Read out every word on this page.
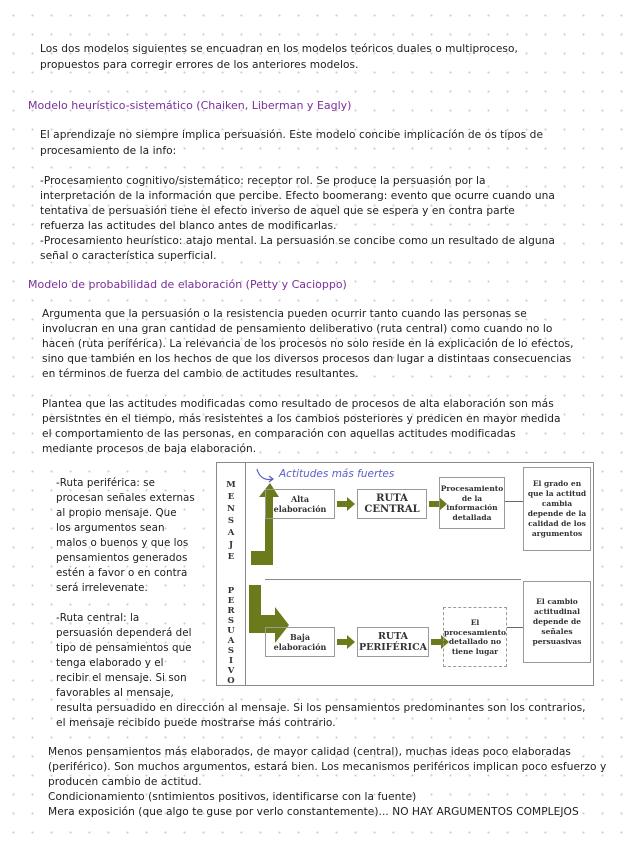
Los dos modelos siguientes se encuadran en los modelos teóricos duales o multiproceso,
propuestos para corregir errores de los anteriores modelos.
Modelo heurístico-sistemático (Chaiken, Liberman y Eagly)
El aprendizaje no siempre implica persuasión. Este modelo concibe implicación de os tipos de
procesamiento de la info:
-Procesamiento cognitivo/sistemático: receptor rol. Se produce la persuasión por la
interpretación de la información que percibe. Efecto boomerang: evento que ocurre cuando una
tentativa de persuasión tiene el efecto inverso de aquel que se espera y en contra parte
refuerza las actitudes del blanco antes de modificarlas.
-Procesamiento heurístico: atajo mental. La persuasión se concibe como un resultado de alguna
señal o característica superficial.
Modelo de probabilidad de elaboración (Petty y Cacioppo)
Argumenta que la persuasión o la resistencia pueden ocurrir tanto cuando las personas se
involucran en una gran cantidad de pensamiento deliberativo (ruta central) como cuando no lo
hacen (ruta periférica). La relevancia de los procesos no solo reside en la explicación de lo efectos,
sino que también en los hechos de que los diversos procesos dan lugar a distintaas consecuencias
en términos de fuerza del cambio de actitudes resultantes.
Plantea que las actitudes modificadas como resultado de procesos de alta elaboración son más
persistntes en el tiempo, más resistentes a los cambios posteriores y predicen en mayor medida
el comportamiento de las personas, en comparación con aquellas actitudes modificadas
mediante procesos de baja elaboración.
-Ruta periférica: se
procesan señales externas
al propio mensaje. Que
los argumentos sean
malos o buenos y que los
pensamientos generados
estén a favor o en contra
será irrelevenate.
-Ruta central: la
persuasión dependerá del
tipo de pensamientos que
tenga elaborado y el
recibir el mensaje. Si son
favorables al mensaje,
M
E
N
S
A
J
E
P
E
R
S
U
A
S
I
V
O
Actitudes más fuertes
Alta elaboración
RUTA CENTRAL
Procesamiento de la información detallada
El grado en que la actitud cambia depende de la calidad de los argumentos
Baja elaboración
RUTA PERIFÉRICA
El procesamiento detallado no tiene lugar
El cambio actitudinal depende de señales persuasivas
resulta persuadido en dirección al mensaje. Si los pensamientos predominantes son los contrarios,
el mensaje recibido puede mostrarse más contrario.
Menos pensamientos más elaborados, de mayor calidad (central), muchas ideas poco elaboradas
(periférico). Son muchos argumentos, estará bien. Los mecanismos periféricos implican poco esfuerzo y
producen cambio de actitud.
Condicionamiento (sntimientos positivos, identificarse con la fuente)
Mera exposición (que algo te guse por verlo constantemente)... NO HAY ARGUMENTOS COMPLEJOS
